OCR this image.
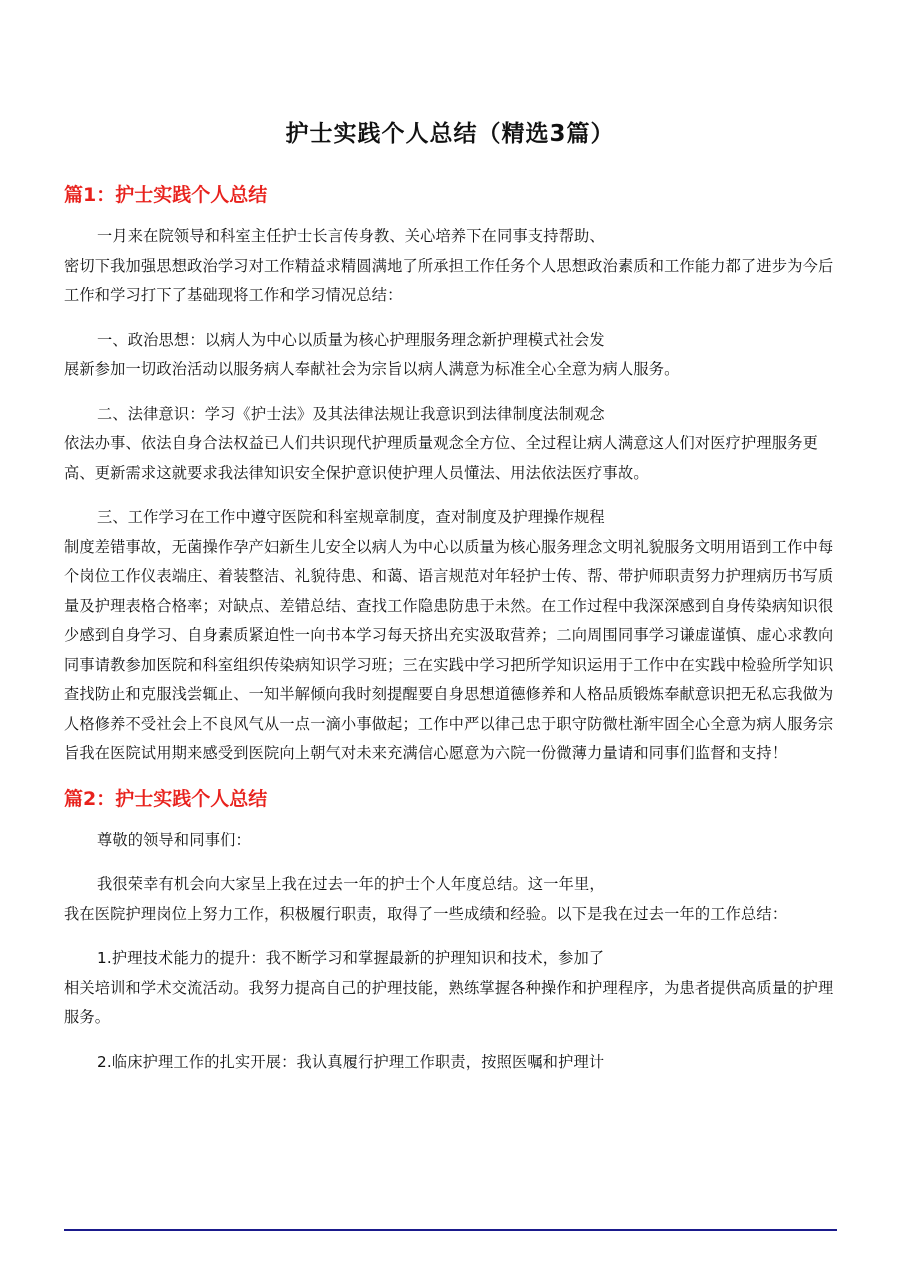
护士实践个人总结（精选3篇）
篇1：护士实践个人总结

一月来在院领导和科室主任护士长言传身教、关心培养下在同事支持帮助、
密切下我加强思想政治学习对工作精益求精圆满地了所承担工作任务个人思想政治素质和工作能力都了进步为今后工作和学习打下了基础现将工作和学习情况总结：

一、政治思想：以病人为中心以质量为核心护理服务理念新护理模式社会发
展新参加一切政治活动以服务病人奉献社会为宗旨以病人满意为标准全心全意为病人服务。

二、法律意识：学习《护士法》及其法律法规让我意识到法律制度法制观念
依法办事、依法自身合法权益已人们共识现代护理质量观念全方位、全过程让病人满意这人们对医疗护理服务更高、更新需求这就要求我法律知识安全保护意识使护理人员懂法、用法依法医疗事故。

三、工作学习在工作中遵守医院和科室规章制度，查对制度及护理操作规程
制度差错事故，无菌操作孕产妇新生儿安全以病人为中心以质量为核心服务理念文明礼貌服务文明用语到工作中每个岗位工作仪表端庄、着装整洁、礼貌待患、和蔼、语言规范对年轻护士传、帮、带护师职责努力护理病历书写质量及护理表格合格率；对缺点、差错总结、查找工作隐患防患于未然。在工作过程中我深深感到自身传染病知识很少感到自身学习、自身素质紧迫性一向书本学习每天挤出充实汲取营养；二向周围同事学习谦虚谨慎、虚心求教向同事请教参加医院和科室组织传染病知识学习班；三在实践中学习把所学知识运用于工作中在实践中检验所学知识查找防止和克服浅尝辄止、一知半解倾向我时刻提醒要自身思想道德修养和人格品质锻炼奉献意识把无私忘我做为人格修养不受社会上不良风气从一点一滴小事做起；工作中严以律己忠于职守防微杜渐牢固全心全意为病人服务宗旨我在医院试用期来感受到医院向上朝气对未来充满信心愿意为六院一份微薄力量请和同事们监督和支持！

篇2：护士实践个人总结

尊敬的领导和同事们：

我很荣幸有机会向大家呈上我在过去一年的护士个人年度总结。这一年里，
我在医院护理岗位上努力工作，积极履行职责，取得了一些成绩和经验。以下是我在过去一年的工作总结：

1.护理技术能力的提升：我不断学习和掌握最新的护理知识和技术，参加了
相关培训和学术交流活动。我努力提高自己的护理技能，熟练掌握各种操作和护理程序，为患者提供高质量的护理服务。

2.临床护理工作的扎实开展：我认真履行护理工作职责，按照医嘱和护理计
